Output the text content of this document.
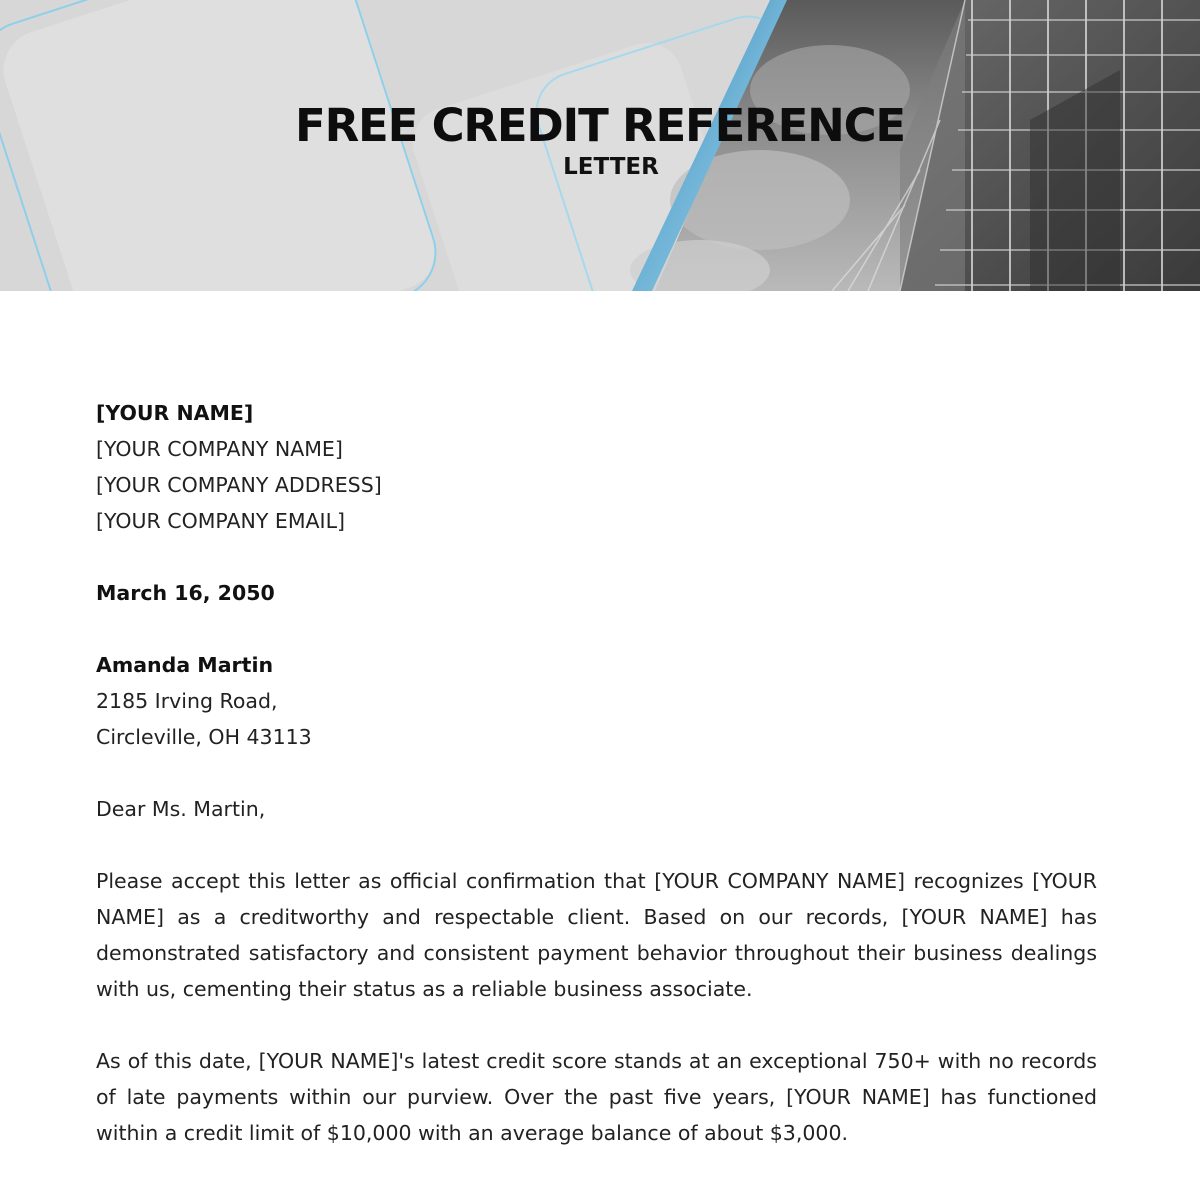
FREE CREDIT REFERENCE
LETTER
[YOUR NAME]
[YOUR COMPANY NAME]
[YOUR COMPANY ADDRESS]
[YOUR COMPANY EMAIL]
March 16, 2050
Amanda Martin
2185 Irving Road,
Circleville, OH 43113
Dear Ms. Martin,

Please accept this letter as official confirmation that [YOUR COMPANY NAME] recognizes [YOUR NAME] as a creditworthy and respectable client. Based on our records, [YOUR NAME] has demonstrated satisfactory and consistent payment behavior throughout their business dealings with us, cementing their status as a reliable business associate.

As of this date, [YOUR NAME]'s latest credit score stands at an exceptional 750+ with no records of late payments within our purview. Over the past five years, [YOUR NAME] has functioned within a credit limit of $10,000 with an average balance of about $3,000.
